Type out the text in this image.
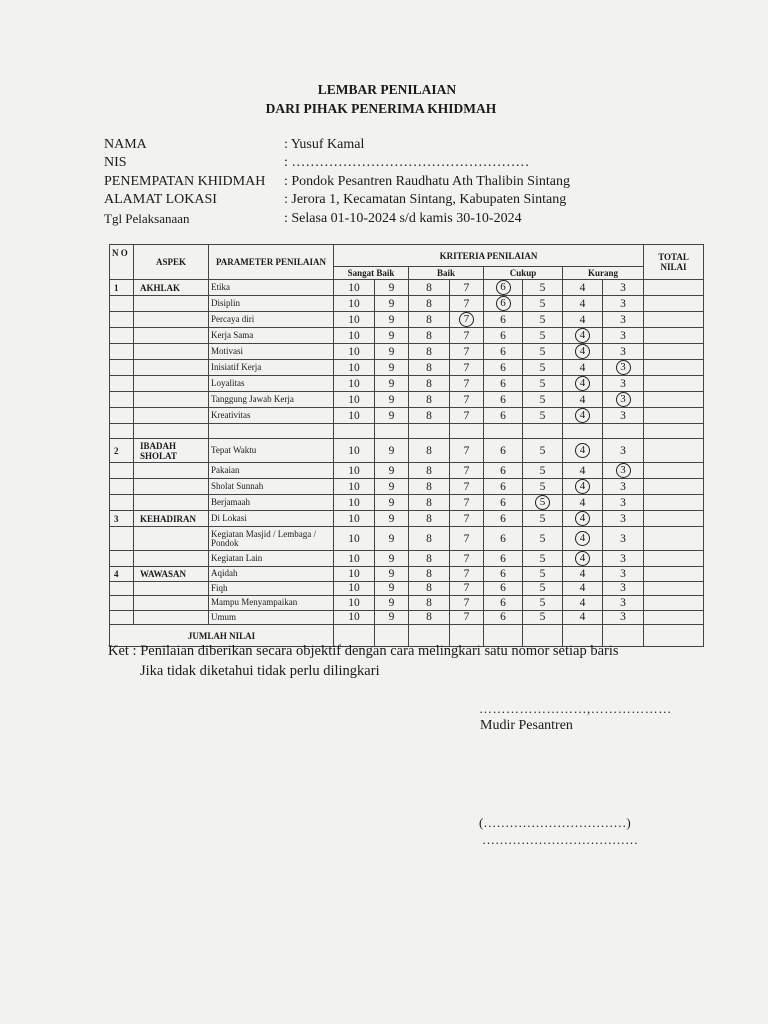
LEMBAR PENILAIAN
DARI PIHAK PENERIMA KHIDMAH
NAMA	: Yusuf Kamal
NIS	: ……………………………………………
PENEMPATAN KHIDMAH : Pondok Pesantren Raudhatu Ath Thalibin Sintang
ALAMAT LOKASI	: Jerora 1, Kecamatan Sintang, Kabupaten Sintang
Tgl Pelaksanaan	: Selasa 01-10-2024 s/d kamis 30-10-2024
N O	ASPEK	PARAMETER PENILAIAN	KRITERIA PENILAIAN								TOTAL NILAI
			Sangat Baik		Baik		Cukup		Kurang		
1	AKHLAK	Etika	10	9	8	7	6	5	4	3	
		Disiplin	10	9	8	7	6	5	4	3	
		Percaya diri	10	9	8	7	6	5	4	3	
		Kerja Sama	10	9	8	7	6	5	4	3	
		Motivasi	10	9	8	7	6	5	4	3	
		Inisiatif Kerja	10	9	8	7	6	5	4	3	
		Loyalitas	10	9	8	7	6	5	4	3	
		Tanggung Jawab Kerja	10	9	8	7	6	5	4	3	
		Kreativitas	10	9	8	7	6	5	4	3	

2	IBADAH SHOLAT	Tepat Waktu	10	9	8	7	6	5	4	3	
		Pakaian	10	9	8	7	6	5	4	3	
		Sholat Sunnah	10	9	8	7	6	5	4	3	
		Berjamaah	10	9	8	7	6	5	4	3	
3	KEHADIRAN	Di Lokasi	10	9	8	7	6	5	4	3	
		Kegiatan Masjid / Lembaga / Pondok	10	9	8	7	6	5	4	3	
		Kegiatan Lain	10	9	8	7	6	5	4	3	
4	WAWASAN	Aqidah	10	9	8	7	6	5	4	3	
		Fiqh	10	9	8	7	6	5	4	3	
		Mampu Menyampaikan	10	9	8	7	6	5	4	3	
		Umum	10	9	8	7	6	5	4	3	
JUMLAH NILAI											
Ket : Penilaian diberikan secara objektif dengan cara melingkari satu nomor setiap baris
Jika tidak diketahui tidak perlu dilingkari
……………………,………………
Mudir Pesantren
(……………………………)
………………………………
